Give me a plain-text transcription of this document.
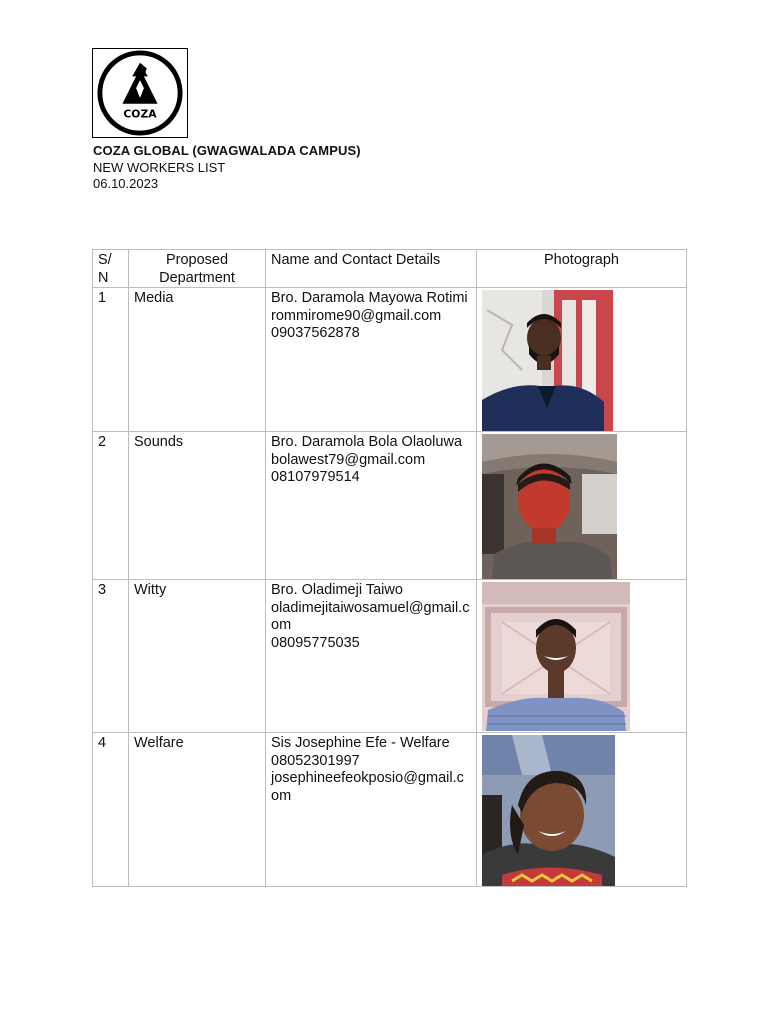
COZA
COZA GLOBAL (GWAGWALADA CAMPUS)
NEW WORKERS LIST
06.10.2023
S/ N	Proposed Department	Name and Contact Details	Photograph
1	Media	Bro. Daramola Mayowa Rotimi
rommirome90@gmail.com
09037562878

2	Sounds	Bro. Daramola Bola Olaoluwa
bolawest79@gmail.com
08107979514

3	Witty	Bro. Oladimeji Taiwo
oladimejitaiwosamuel@gmail.com
08095775035

4	Welfare	Sis Josephine Efe - Welfare
08052301997
josephineefeokposio@gmail.com
